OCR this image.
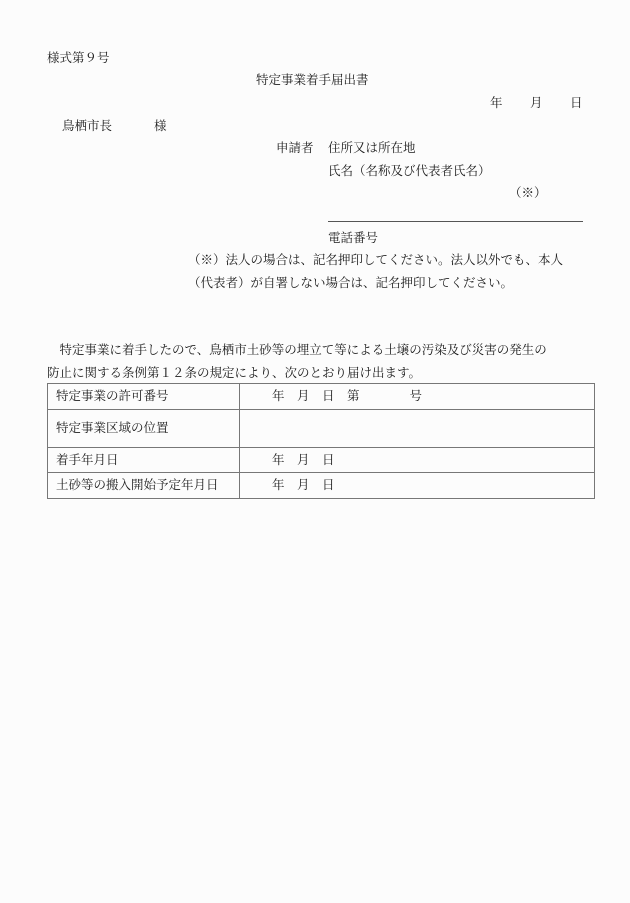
様式第９号
特定事業着手届出書
年 月 日
鳥栖市長	様
申請者 住所又は所在地
氏名（名称及び代表者氏名）
（※）
電話番号
（※）法人の場合は、記名押印してください。法人以外でも、本人
（代表者）が自署しない場合は、記名押印してください。
　特定事業に着手したので、鳥栖市土砂等の埋立て等による土壌の汚染及び災害の発生の
防止に関する条例第１２条の規定により、次のとおり届け出ます。
特定事業の許可番号	年　月　日　第　　　　号
特定事業区域の位置	
着手年月日	年　月　日
土砂等の搬入開始予定年月日	年　月　日
